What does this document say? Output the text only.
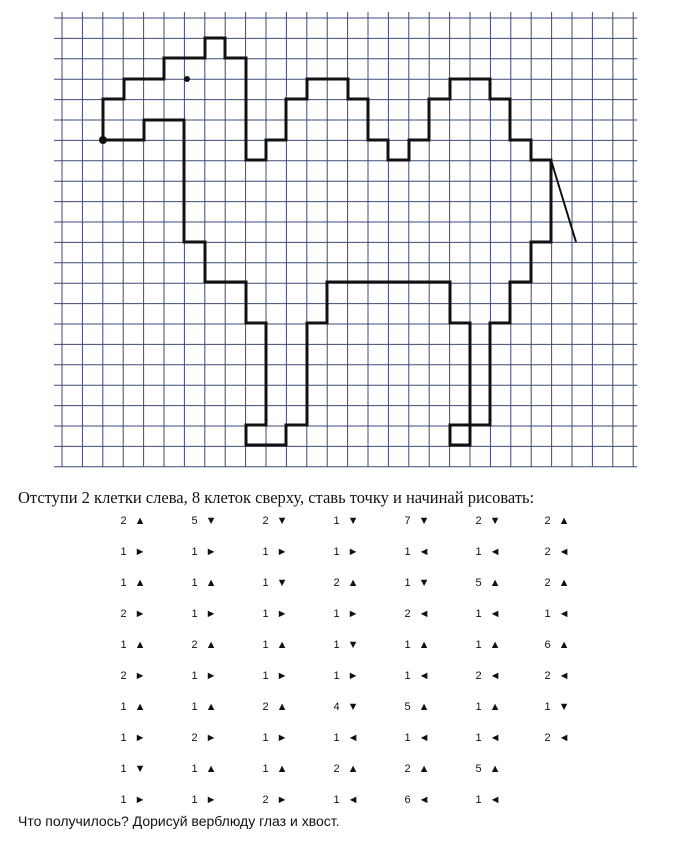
Отступи 2 клетки слева, 8 клеток сверху, ставь точку и начинай рисовать:
2 ▲
1 ►
1 ▲
2 ►
1 ▲
2 ►
1 ▲
1 ►
1 ▼
1 ►
5 ▼
1 ►
1 ▲
1 ►
2 ▲
1 ►
1 ▲
2 ►
1 ▲
1 ►
2 ▼
1 ►
1 ▼
1 ►
1 ▲
1 ►
2 ▲
1 ►
1 ▲
2 ►
1 ▼
1 ►
2 ▲
1 ►
1 ▼
1 ►
4 ▼
1 ◄
2 ▲
1 ◄
7 ▼
1 ◄
1 ▼
2 ◄
1 ▲
1 ◄
5 ▲
1 ◄
2 ▲
6 ◄
2 ▼
1 ◄
5 ▲
1 ◄
1 ▲
2 ◄
1 ▲
1 ◄
5 ▲
1 ◄
2 ▲
2 ◄
2 ▲
1 ◄
6 ▲
2 ◄
1 ▼
2 ◄
Что получилось? Дорисуй верблюду глаз и хвост.
